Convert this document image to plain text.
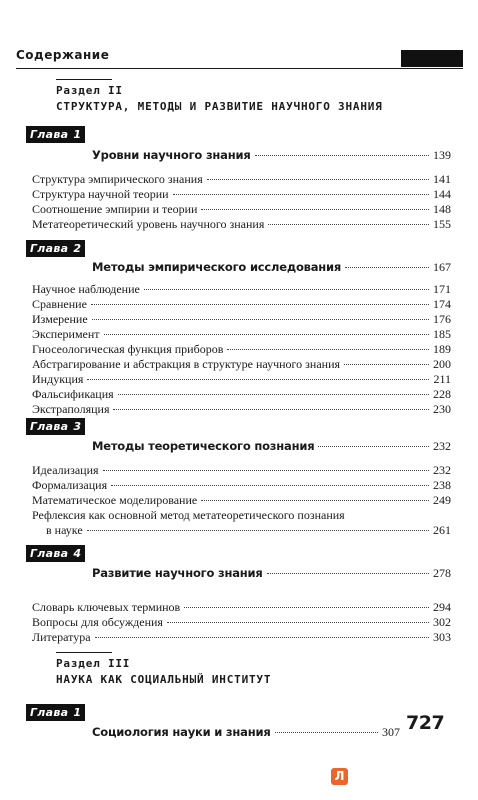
Содержание
Раздел II
СТРУКТУРА, МЕТОДЫ И РАЗВИТИЕ НАУЧНОГО ЗНАНИЯ
Глава 1
Уровни научного знания	139
Структура эмпирического знания	141
Структура научной теории	144
Соотношение эмпирии и теории	148
Метатеоретический уровень научного знания	155
Глава 2
Методы эмпирического исследования	167
Научное наблюдение	171
Сравнение	174
Измерение	176
Эксперимент	185
Гносеологическая функция приборов	189
Абстрагирование и абстракция в структуре научного знания	200
Индукция	211
Фальсификация	228
Экстраполяция	230
Глава 3
Методы теоретического познания	232
Идеализация	232
Формализация	238
Математическое моделирование	249
Рефлексия как основной метод метатеоретического познания
в науке	261
Глава 4
Развитие научного знания	278
Словарь ключевых терминов	294
Вопросы для обсуждения	302
Литература	303
Раздел III
НАУКА КАК СОЦИАЛЬНЫЙ ИНСТИТУТ
Глава 1
Социология науки и знания	307 727
Л
